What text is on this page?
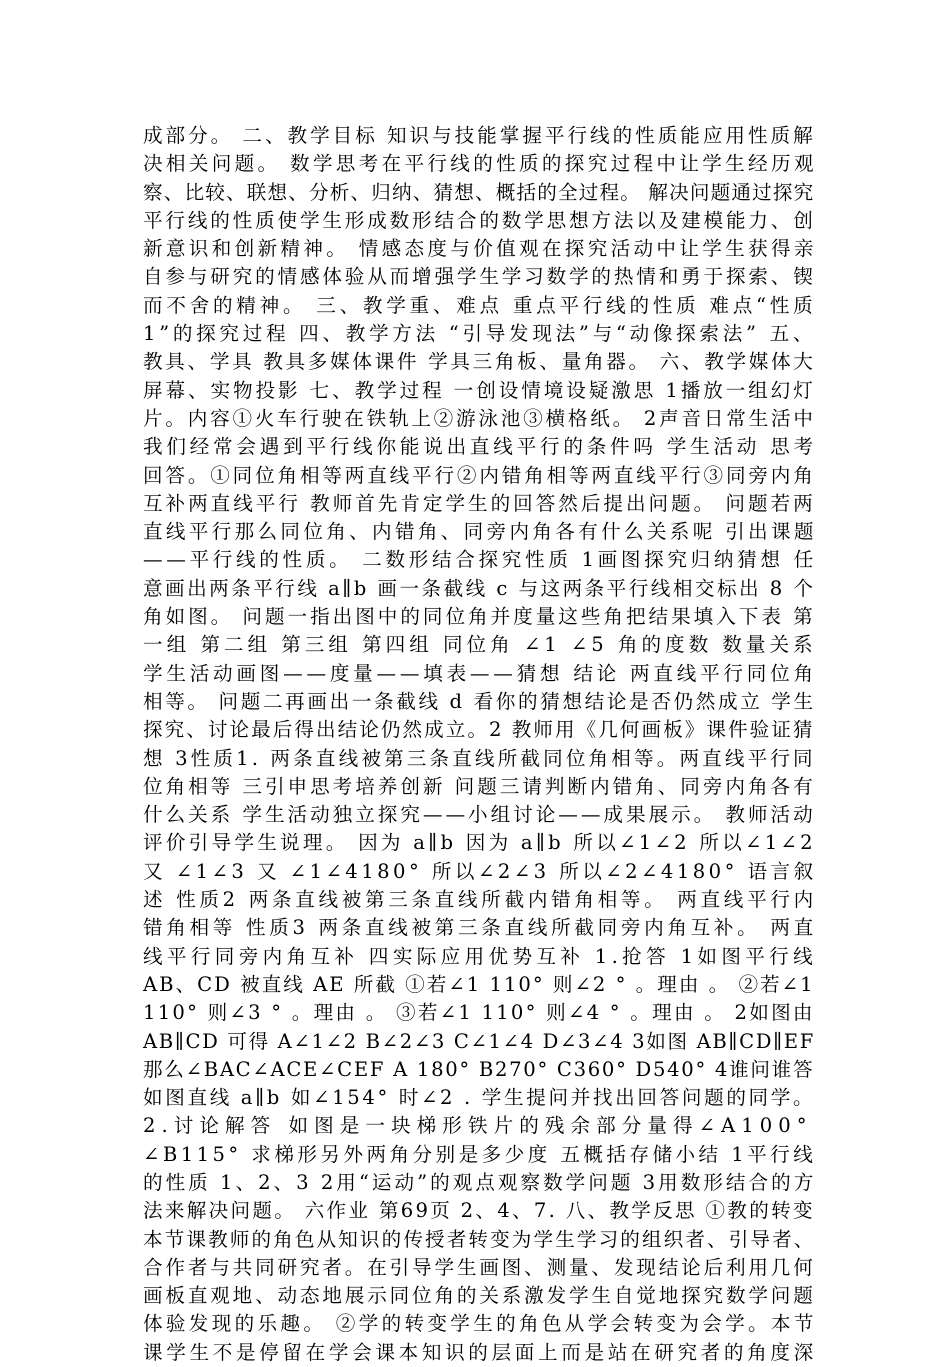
成部分。 二、教学目标 知识与技能掌握平行线的性质能应用性质解
决相关问题。 数学思考在平行线的性质的探究过程中让学生经历观
察、比较、联想、分析、归纳、猜想、概括的全过程。 解决问题通过探究
平行线的性质使学生形成数形结合的数学思想方法以及建模能力、创
新意识和创新精神。 情感态度与价值观在探究活动中让学生获得亲
自参与研究的情感体验从而增强学生学习数学的热情和勇于探索、锲
而不舍的精神。 三、教学重、难点 重点平行线的性质 难点“性质
1”的探究过程 四、教学方法 “引导发现法”与“动像探索法” 五、
教具、学具 教具多媒体课件 学具三角板、量角器。 六、教学媒体大
屏幕、实物投影 七、教学过程 一创设情境设疑激思 1播放一组幻灯
片。内容①火车行驶在铁轨上②游泳池③横格纸。 2声音日常生活中
我们经常会遇到平行线你能说出直线平行的条件吗 学生活动 思考
回答。①同位角相等两直线平行②内错角相等两直线平行③同旁内角
互补两直线平行 教师首先肯定学生的回答然后提出问题。 问题若两
直线平行那么同位角、内错角、同旁内角各有什么关系呢 引出课题
——平行线的性质。 二数形结合探究性质 1画图探究归纳猜想 任
意画出两条平行线 a∥b 画一条截线 c 与这两条平行线相交标出 8 个
角如图。 问题一指出图中的同位角并度量这些角把结果填入下表 第
一组 第二组 第三组 第四组 同位角 ∠1 ∠5 角的度数 数量关系
学生活动画图——度量——填表——猜想 结论 两直线平行同位角
相等。 问题二再画出一条截线 d 看你的猜想结论是否仍然成立 学生
探究、讨论最后得出结论仍然成立。2 教师用《几何画板》课件验证猜
想 3性质1. 两条直线被第三条直线所截同位角相等。两直线平行同
位角相等 三引申思考培养创新 问题三请判断内错角、同旁内角各有
什么关系 学生活动独立探究——小组讨论——成果展示。 教师活动
评价引导学生说理。 因为 a∥b 因为 a∥b 所以∠1∠2 所以∠1∠2
又 ∠1∠3 又 ∠1∠4180° 所以∠2∠3 所以∠2∠4180° 语言叙
述 性质2 两条直线被第三条直线所截内错角相等。 两直线平行内
错角相等 性质3 两条直线被第三条直线所截同旁内角互补。 两直
线平行同旁内角互补 四实际应用优势互补 1.抢答 1如图平行线
AB、CD 被直线 AE 所截 ①若∠1 110° 则∠2 ° 。理由 。 ②若∠1
110° 则∠3 ° 。理由 。 ③若∠1 110° 则∠4 ° 。理由 。 2如图由
AB∥CD 可得 A∠1∠2 B∠2∠3 C∠1∠4 D∠3∠4 3如图 AB∥CD∥EF
那么∠BAC∠ACE∠CEF A 180° B270° C360° D540° 4谁问谁答
如图直线 a∥b 如∠154° 时∠2 . 学生提问并找出回答问题的同学。
2.讨论解答 如图是一块梯形铁片的残余部分量得∠A100°
∠B115° 求梯形另外两角分别是多少度 五概括存储小结 1平行线
的性质 1、2、3 2用“运动”的观点观察数学问题 3用数形结合的方
法来解决问题。 六作业 第69页 2、4、7. 八、教学反思 ①教的转变
本节课教师的角色从知识的传授者转变为学生学习的组织者、引导者、
合作者与共同研究者。在引导学生画图、测量、发现结论后利用几何
画板直观地、动态地展示同位角的关系激发学生自觉地探究数学问题
体验发现的乐趣。 ②学的转变学生的角色从学会转变为会学。本节
课学生不是停留在学会课本知识的层面上而是站在研究者的角度深
